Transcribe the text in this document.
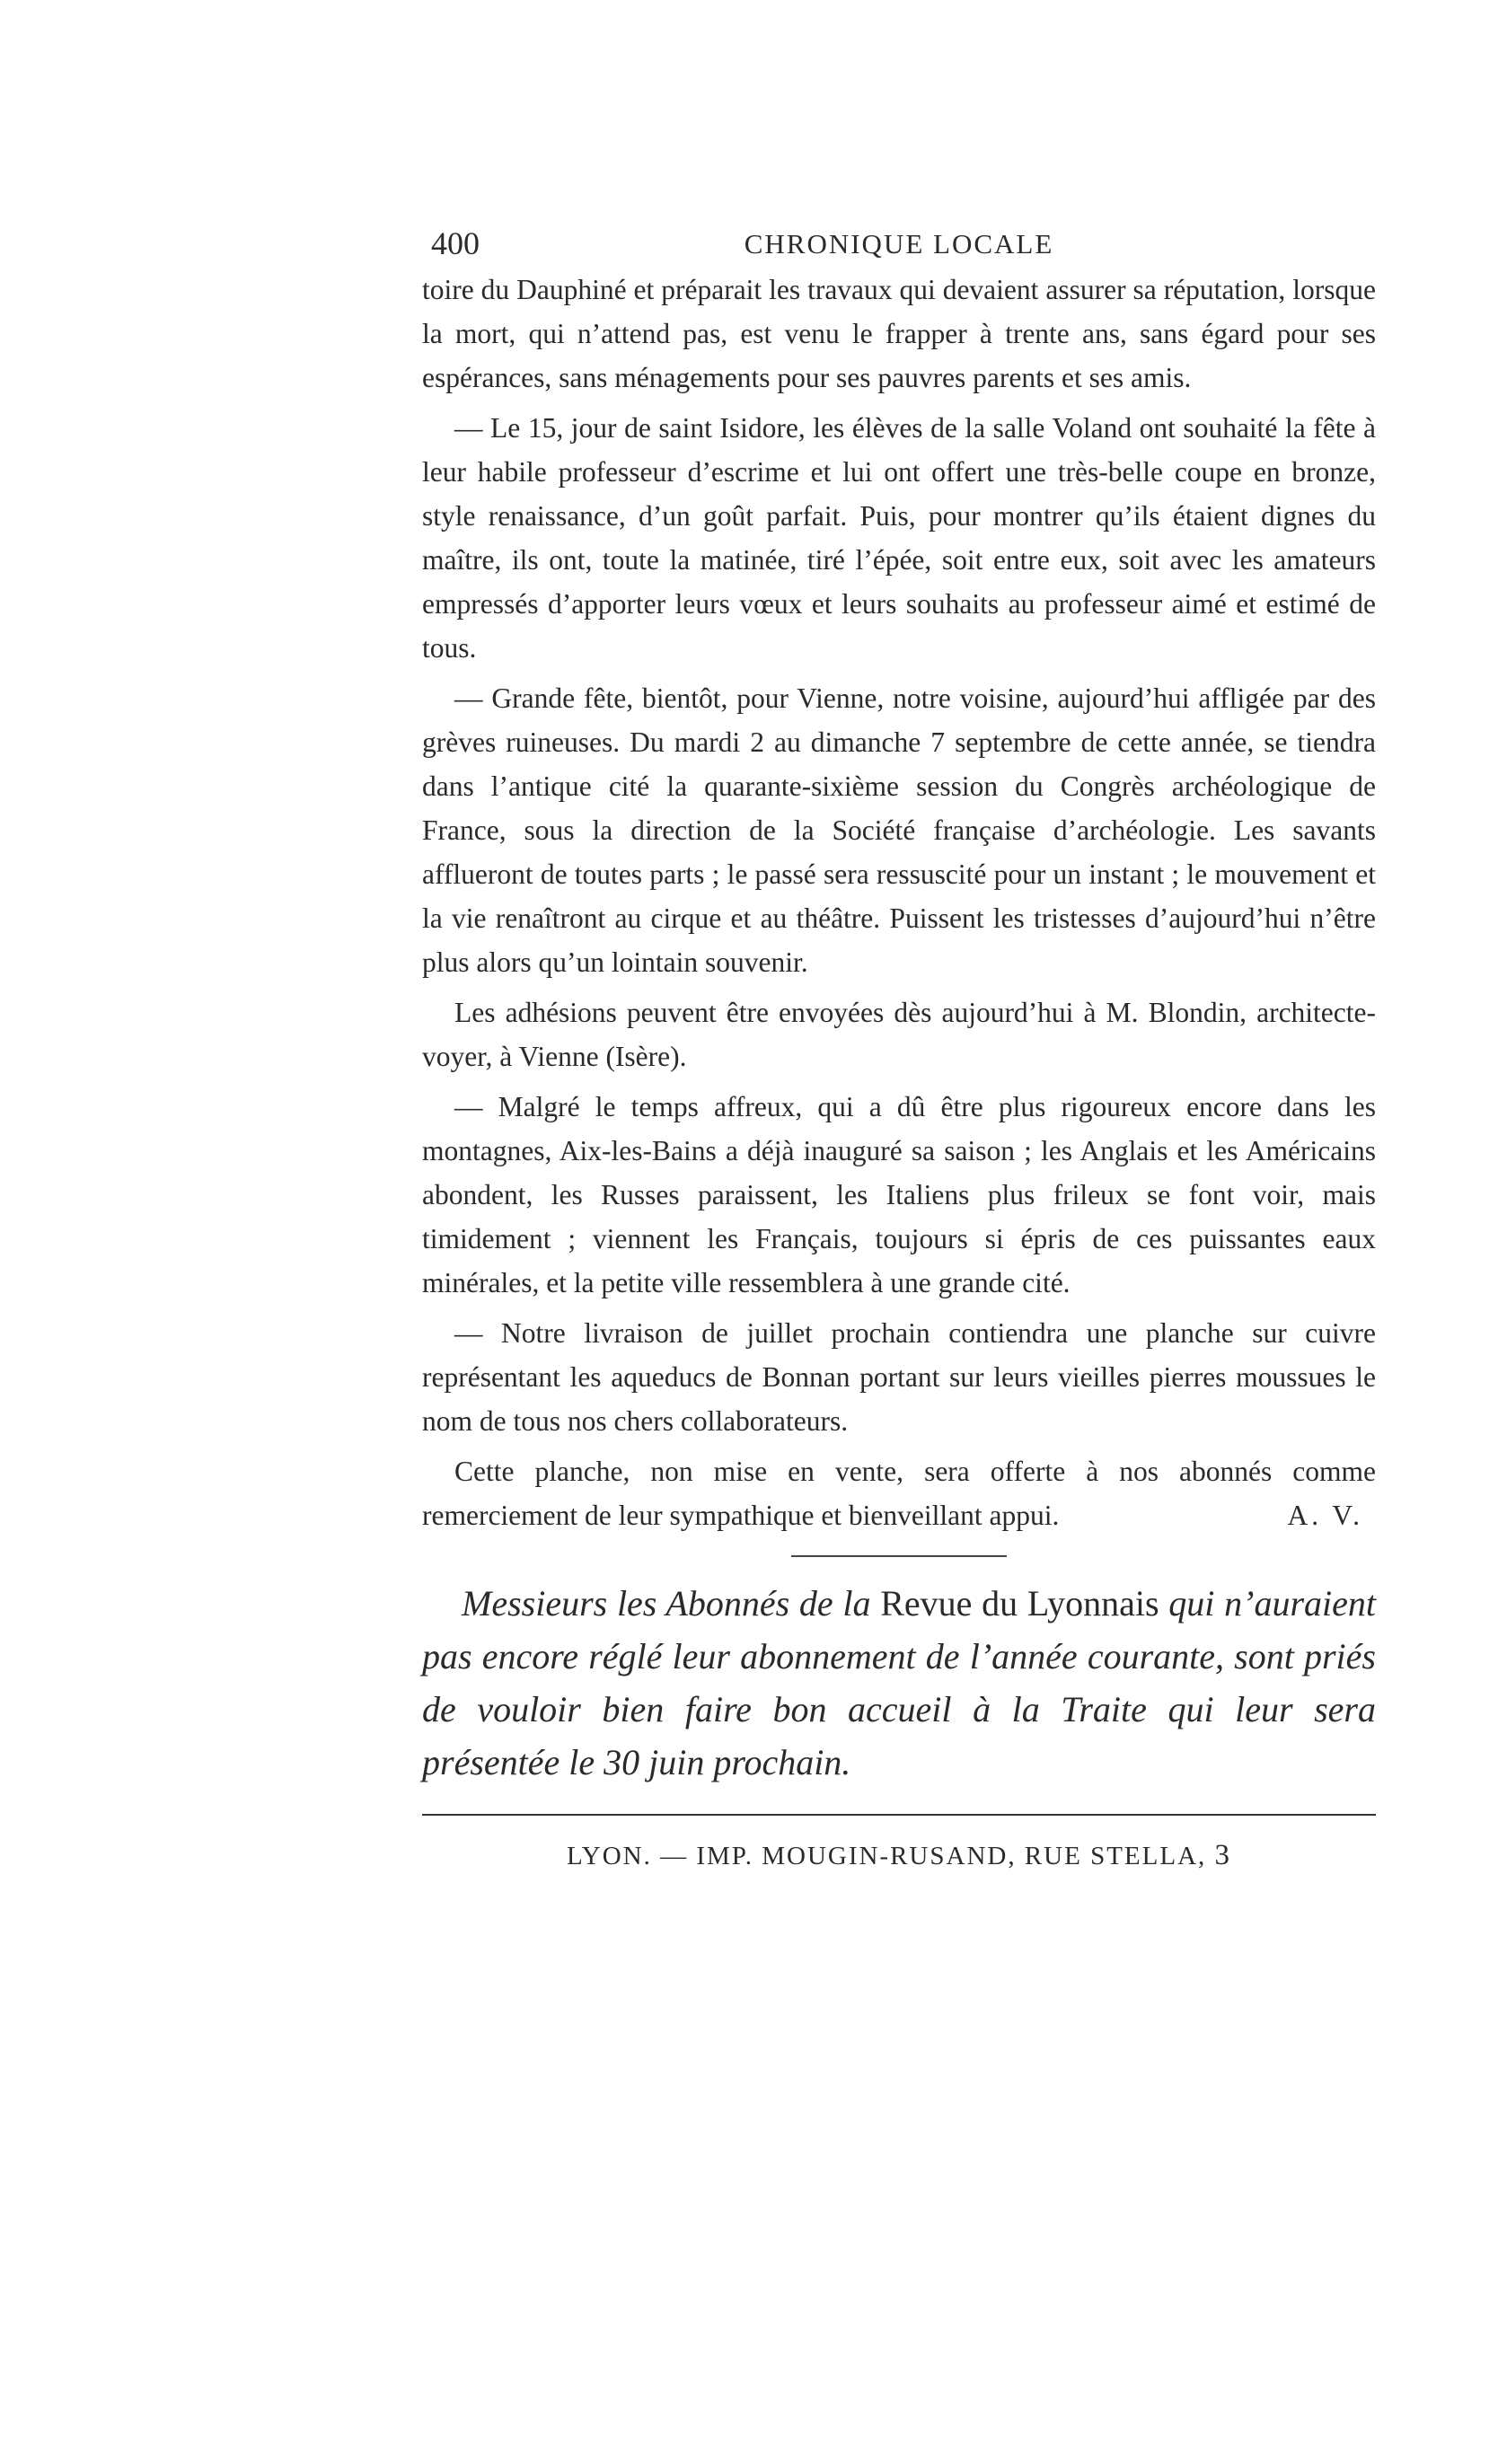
400	CHRONIQUE LOCALE

toire du Dauphiné et préparait les travaux qui devaient assurer sa réputation, lorsque la mort, qui n’attend pas, est venu le frapper à trente ans, sans égard pour ses espérances, sans ménagements pour ses pauvres parents et ses amis.

— Le 15, jour de saint Isidore, les élèves de la salle Voland ont souhaité la fête à leur habile professeur d’escrime et lui ont offert une très-belle coupe en bronze, style renaissance, d’un goût parfait. Puis, pour montrer qu’ils étaient dignes du maître, ils ont, toute la matinée, tiré l’épée, soit entre eux, soit avec les amateurs empressés d’apporter leurs vœux et leurs souhaits au professeur aimé et estimé de tous.

— Grande fête, bientôt, pour Vienne, notre voisine, aujourd’hui affligée par des grèves ruineuses. Du mardi 2 au dimanche 7 septembre de cette année, se tiendra dans l’antique cité la quarante-sixième session du Congrès archéologique de France, sous la direction de la Société française d’archéologie. Les savants afflueront de toutes parts ; le passé sera ressuscité pour un instant ; le mouvement et la vie renaîtront au cirque et au théâtre. Puissent les tristesses d’aujourd’hui n’être plus alors qu’un lointain souvenir.

Les adhésions peuvent être envoyées dès aujourd’hui à M. Blondin, architecte-voyer, à Vienne (Isère).

— Malgré le temps affreux, qui a dû être plus rigoureux encore dans les montagnes, Aix-les-Bains a déjà inauguré sa saison ; les Anglais et les Américains abondent, les Russes paraissent, les Italiens plus frileux se font voir, mais timidement ; viennent les Français, toujours si épris de ces puissantes eaux minérales, et la petite ville ressemblera à une grande cité.

— Notre livraison de juillet prochain contiendra une planche sur cuivre représentant les aqueducs de Bonnan portant sur leurs vieilles pierres moussues le nom de tous nos chers collaborateurs.

Cette planche, non mise en vente, sera offerte à nos abonnés comme remerciement de leur sympathique et bienveillant appui.	A. V.

Messieurs les Abonnés de la Revue du Lyonnais qui n’auraient pas encore réglé leur abonnement de l’année courante, sont priés de vouloir bien faire bon accueil à la Traite qui leur sera présentée le 30 juin prochain.

LYON. — IMP. MOUGIN-RUSAND, RUE STELLA, 3
